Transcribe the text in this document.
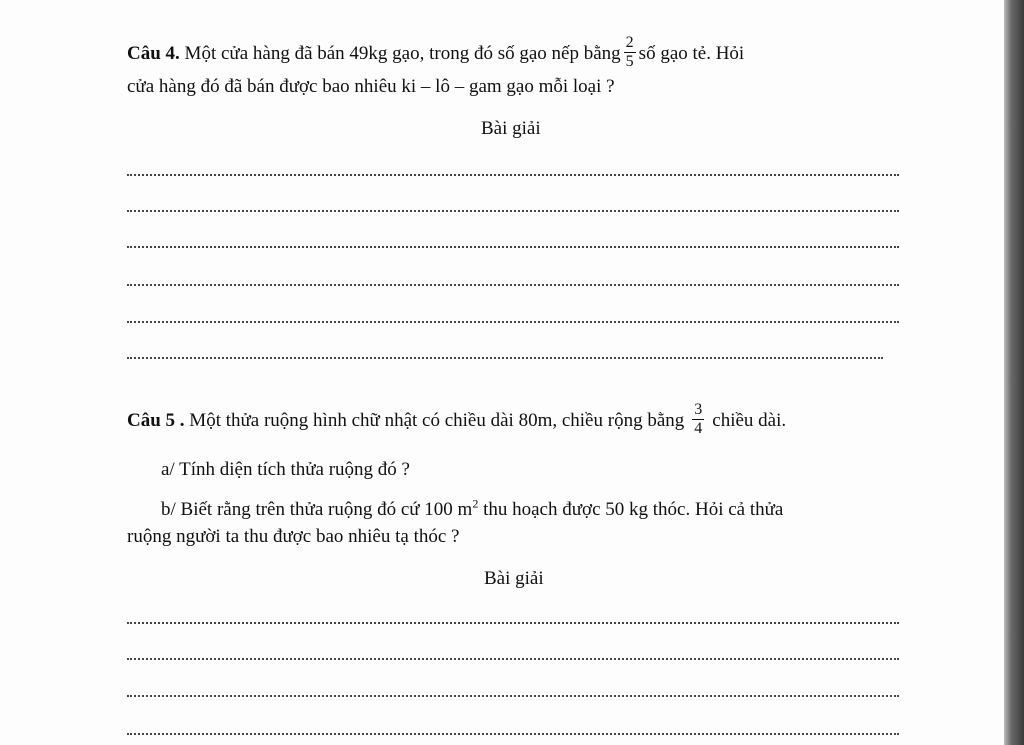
Câu 4. Một cửa hàng đã bán 49kg gạo, trong đó số gạo nếp bằng $\frac{2}{5}$ số gạo tẻ. Hỏi
cửa hàng đó đã bán được bao nhiêu ki – lô – gam gạo mỗi loại ?
Bài giải
Câu 5 . Một thửa ruộng hình chữ nhật có chiều dài 80m, chiều rộng bằng $\frac{3}{4}$ chiều dài.
a/ Tính diện tích thửa ruộng đó ?
b/ Biết rằng trên thửa ruộng đó cứ 100 $m^2$ thu hoạch được 50 kg thóc. Hỏi cả thửa
ruộng người ta thu được bao nhiêu tạ thóc ?
Bài giải
